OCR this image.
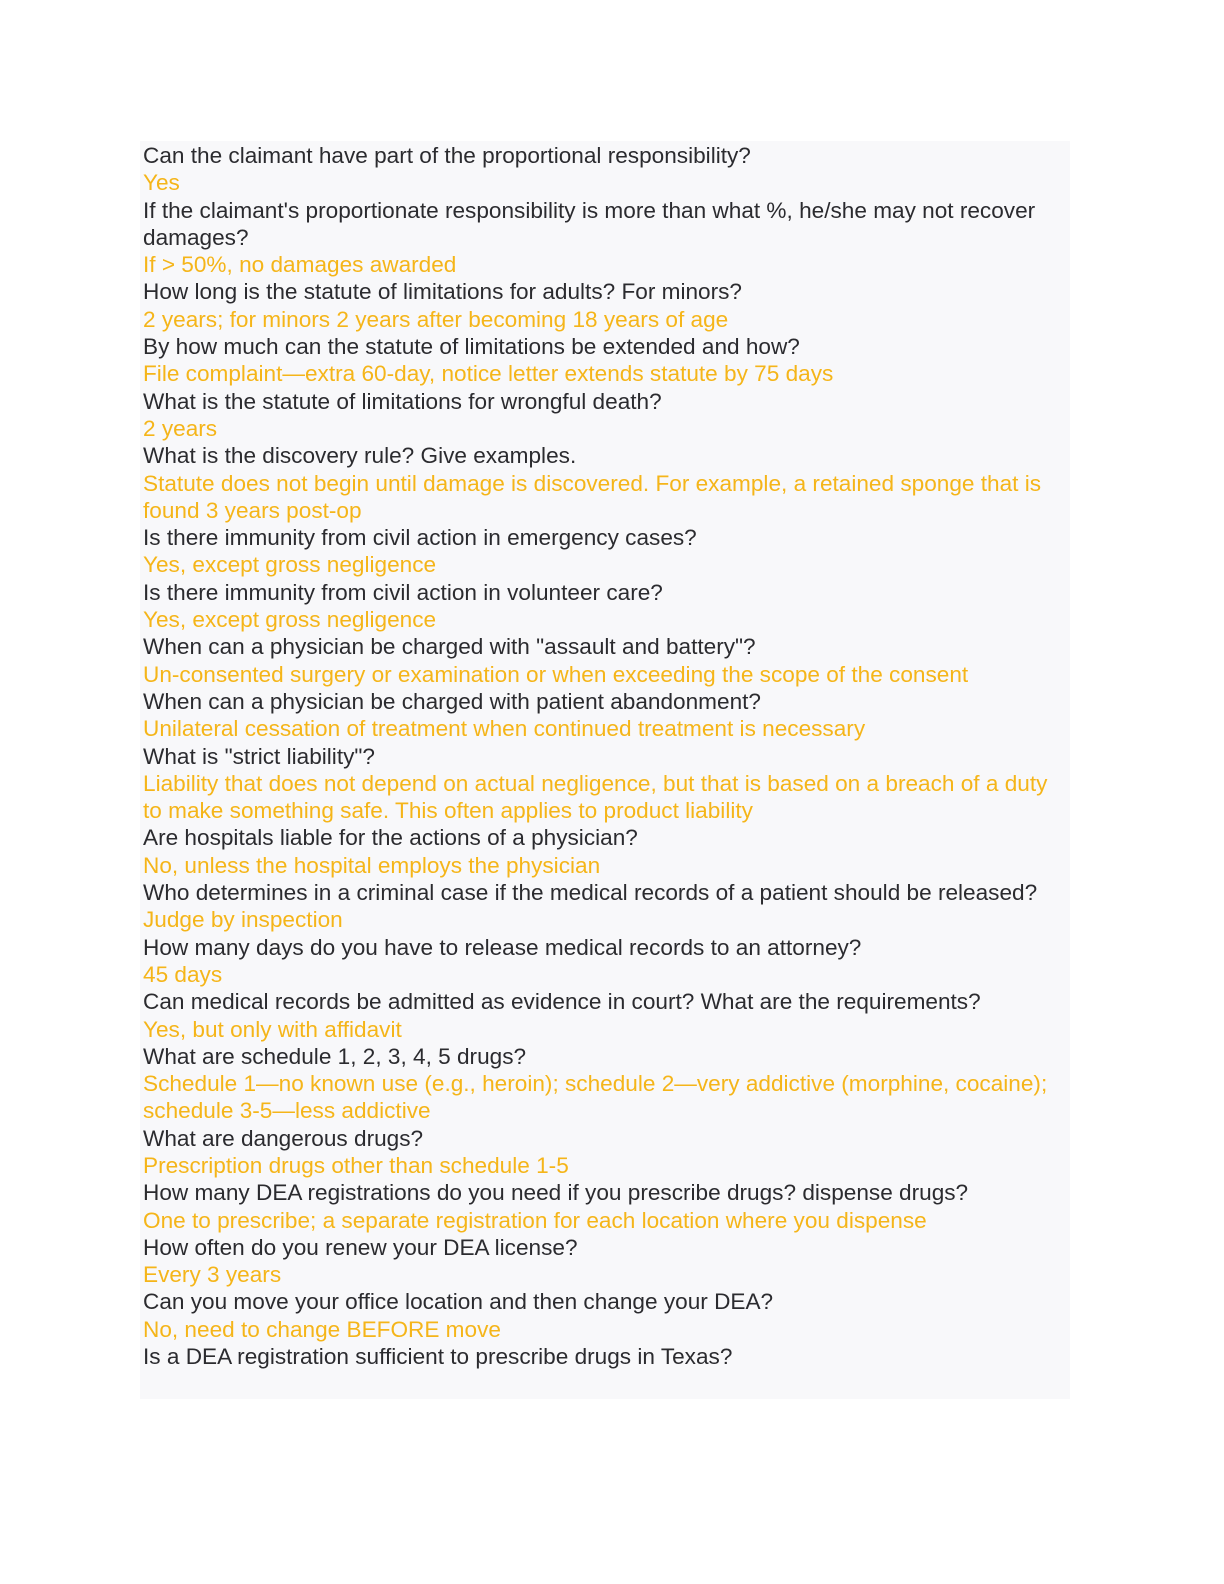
Can the claimant have part of the proportional responsibility?
Yes
If the claimant's proportionate responsibility is more than what %, he/she may not recover damages?
If > 50%, no damages awarded
How long is the statute of limitations for adults? For minors?
2 years; for minors 2 years after becoming 18 years of age
By how much can the statute of limitations be extended and how?
File complaint—extra 60-day, notice letter extends statute by 75 days
What is the statute of limitations for wrongful death?
2 years
What is the discovery rule? Give examples.
Statute does not begin until damage is discovered. For example, a retained sponge that is found 3 years post-op
Is there immunity from civil action in emergency cases?
Yes, except gross negligence
Is there immunity from civil action in volunteer care?
Yes, except gross negligence
When can a physician be charged with "assault and battery"?
Un-consented surgery or examination or when exceeding the scope of the consent
When can a physician be charged with patient abandonment?
Unilateral cessation of treatment when continued treatment is necessary
What is "strict liability"?
Liability that does not depend on actual negligence, but that is based on a breach of a duty to make something safe. This often applies to product liability
Are hospitals liable for the actions of a physician?
No, unless the hospital employs the physician
Who determines in a criminal case if the medical records of a patient should be released?
Judge by inspection
How many days do you have to release medical records to an attorney?
45 days
Can medical records be admitted as evidence in court? What are the requirements?
Yes, but only with affidavit
What are schedule 1, 2, 3, 4, 5 drugs?
Schedule 1—no known use (e.g., heroin); schedule 2—very addictive (morphine, cocaine); schedule 3-5—less addictive
What are dangerous drugs?
Prescription drugs other than schedule 1-5
How many DEA registrations do you need if you prescribe drugs? dispense drugs?
One to prescribe; a separate registration for each location where you dispense
How often do you renew your DEA license?
Every 3 years
Can you move your office location and then change your DEA?
No, need to change BEFORE move
Is a DEA registration sufficient to prescribe drugs in Texas?
